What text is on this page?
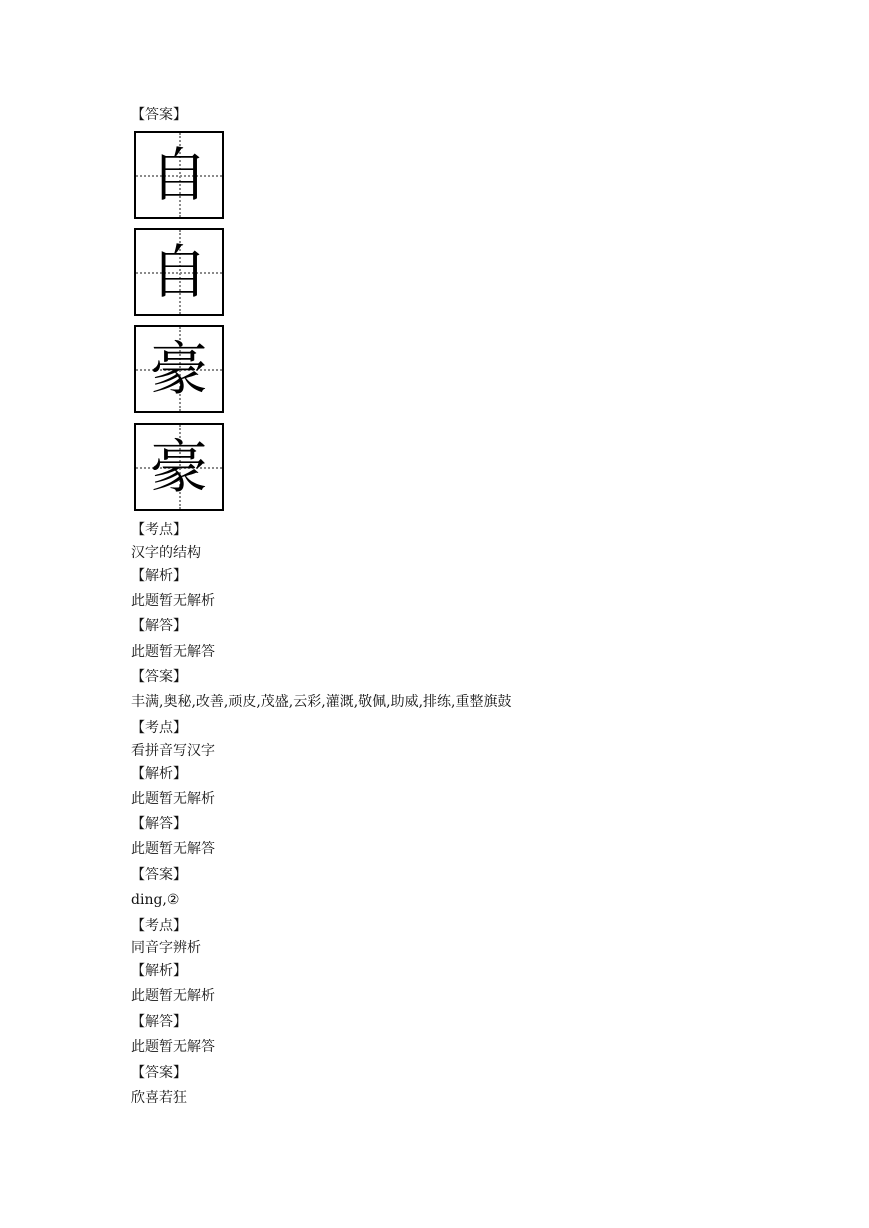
【答案】
自
自
豪
豪
【考点】
汉字的结构
【解析】
此题暂无解析
【解答】
此题暂无解答
【答案】
丰满,奥秘,改善,顽皮,茂盛,云彩,灌溉,敬佩,助威,排练,重整旗鼓
【考点】
看拼音写汉字
【解析】
此题暂无解析
【解答】
此题暂无解答
【答案】
ding,②
【考点】
同音字辨析
【解析】
此题暂无解析
【解答】
此题暂无解答
【答案】
欣喜若狂
